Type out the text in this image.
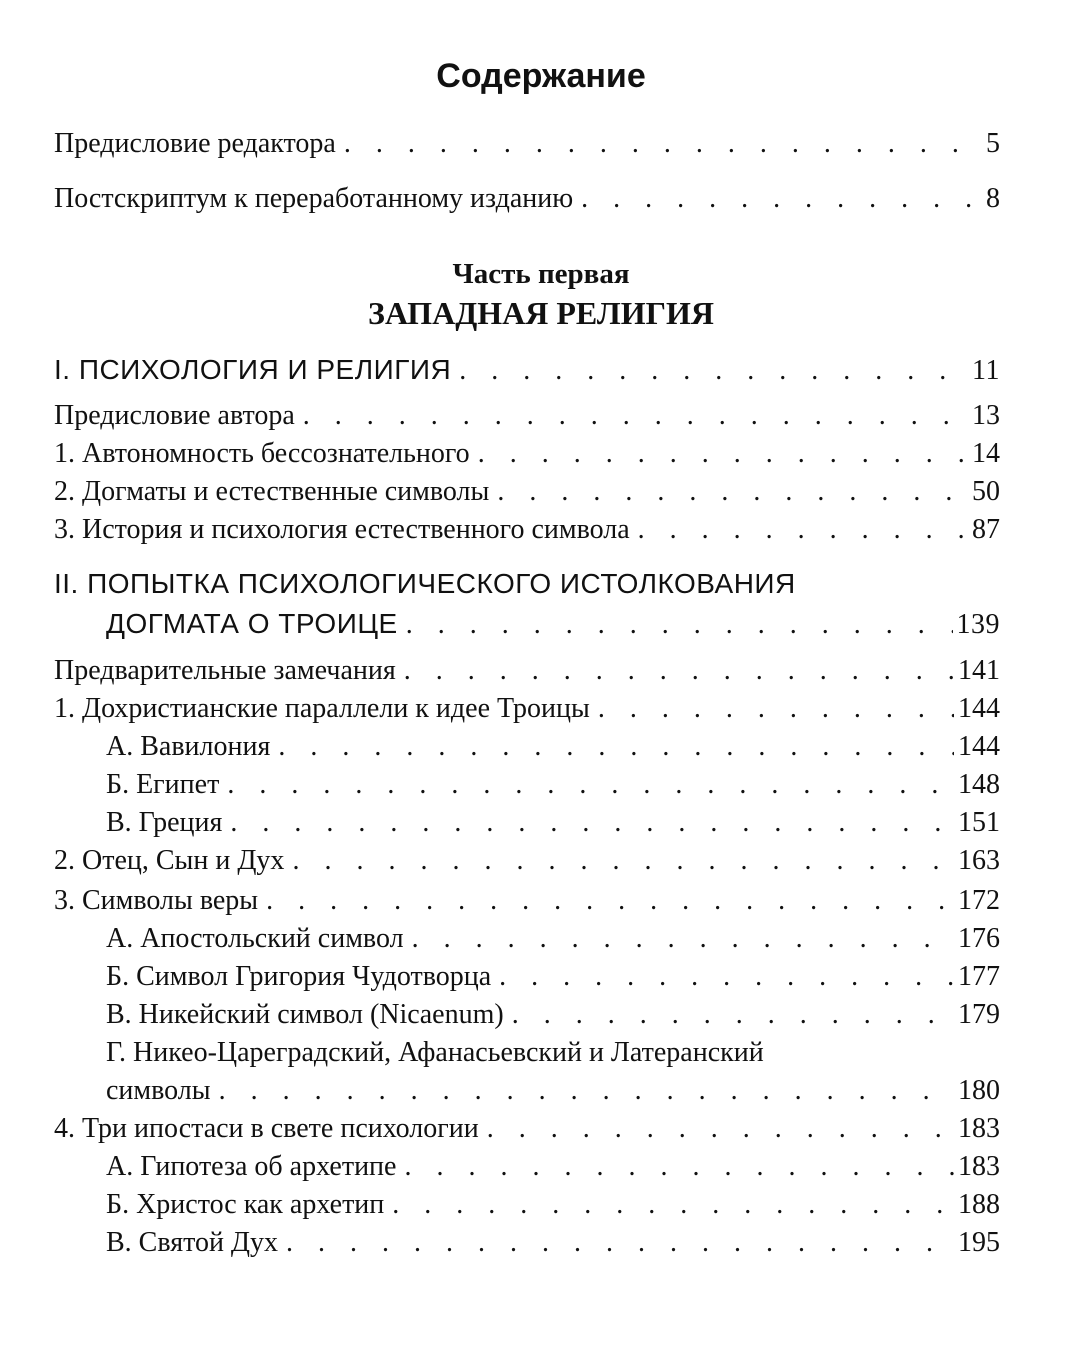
Содержание
Предисловие редактора . . .	5
Постскриптум к переработанному изданию . . .	8
Часть первая
ЗАПАДНАЯ РЕЛИГИЯ
I. ПСИХОЛОГИЯ И РЕЛИГИЯ . . .	11
Предисловие автора . . .	13
1. Автономность бессознательного . . .	14
2. Догматы и естественные символы . . .	50
3. История и психология естественного символа . . .	87
II. ПОПЫТКА ПСИХОЛОГИЧЕСКОГО ИСТОЛКОВАНИЯ
ДОГМАТА О ТРОИЦЕ . . .	139
Предварительные замечания . . .	141
1. Дохристианские параллели к идее Троицы . . .	144
А. Вавилония . . .	144
Б. Египет . . .	148
В. Греция . . .	151
2. Отец, Сын и Дух . . .	163
3. Символы веры . . .	172
А. Апостольский символ . . .	176
Б. Символ Григория Чудотворца . . .	177
В. Никейский символ (Nicaenum) . . .	179
Г. Никео-Цареградский, Афанасьевский и Латеранский
символы . . .	180
4. Три ипостаси в свете психологии . . .	183
А. Гипотеза об архетипе . . .	183
Б. Христос как архетип . . .	188
В. Святой Дух . . .	195
